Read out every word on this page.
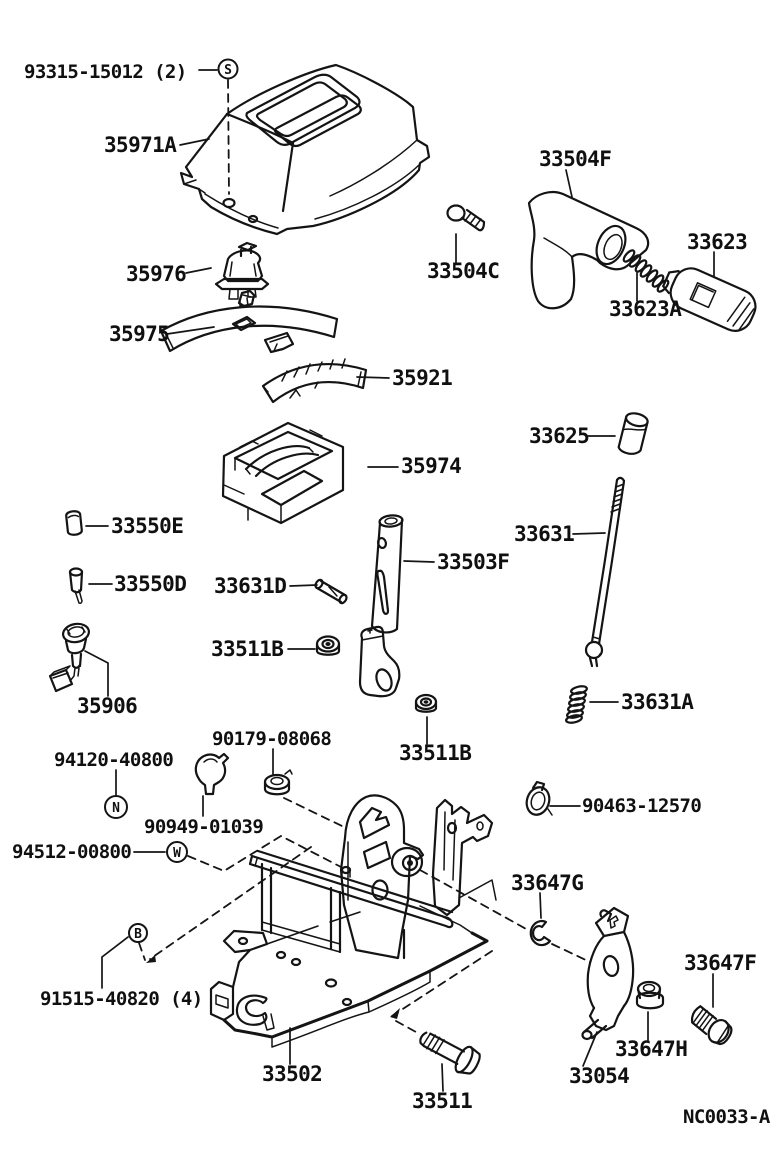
93315-15012 (2)
35971A
33504F
35976	33504C
33623
33623A
35975
35921
33625
35974
33550E	33631
33503F
33550D 33631D
33511B
35906	33631A
90179-08068
94120-40800	33511B
90949-01039
94512-00800
90463-12570
33647G
91515-40820 (4)
33647F
33502
33647H
33054
33511
NC0033-A
S
N
W
B
